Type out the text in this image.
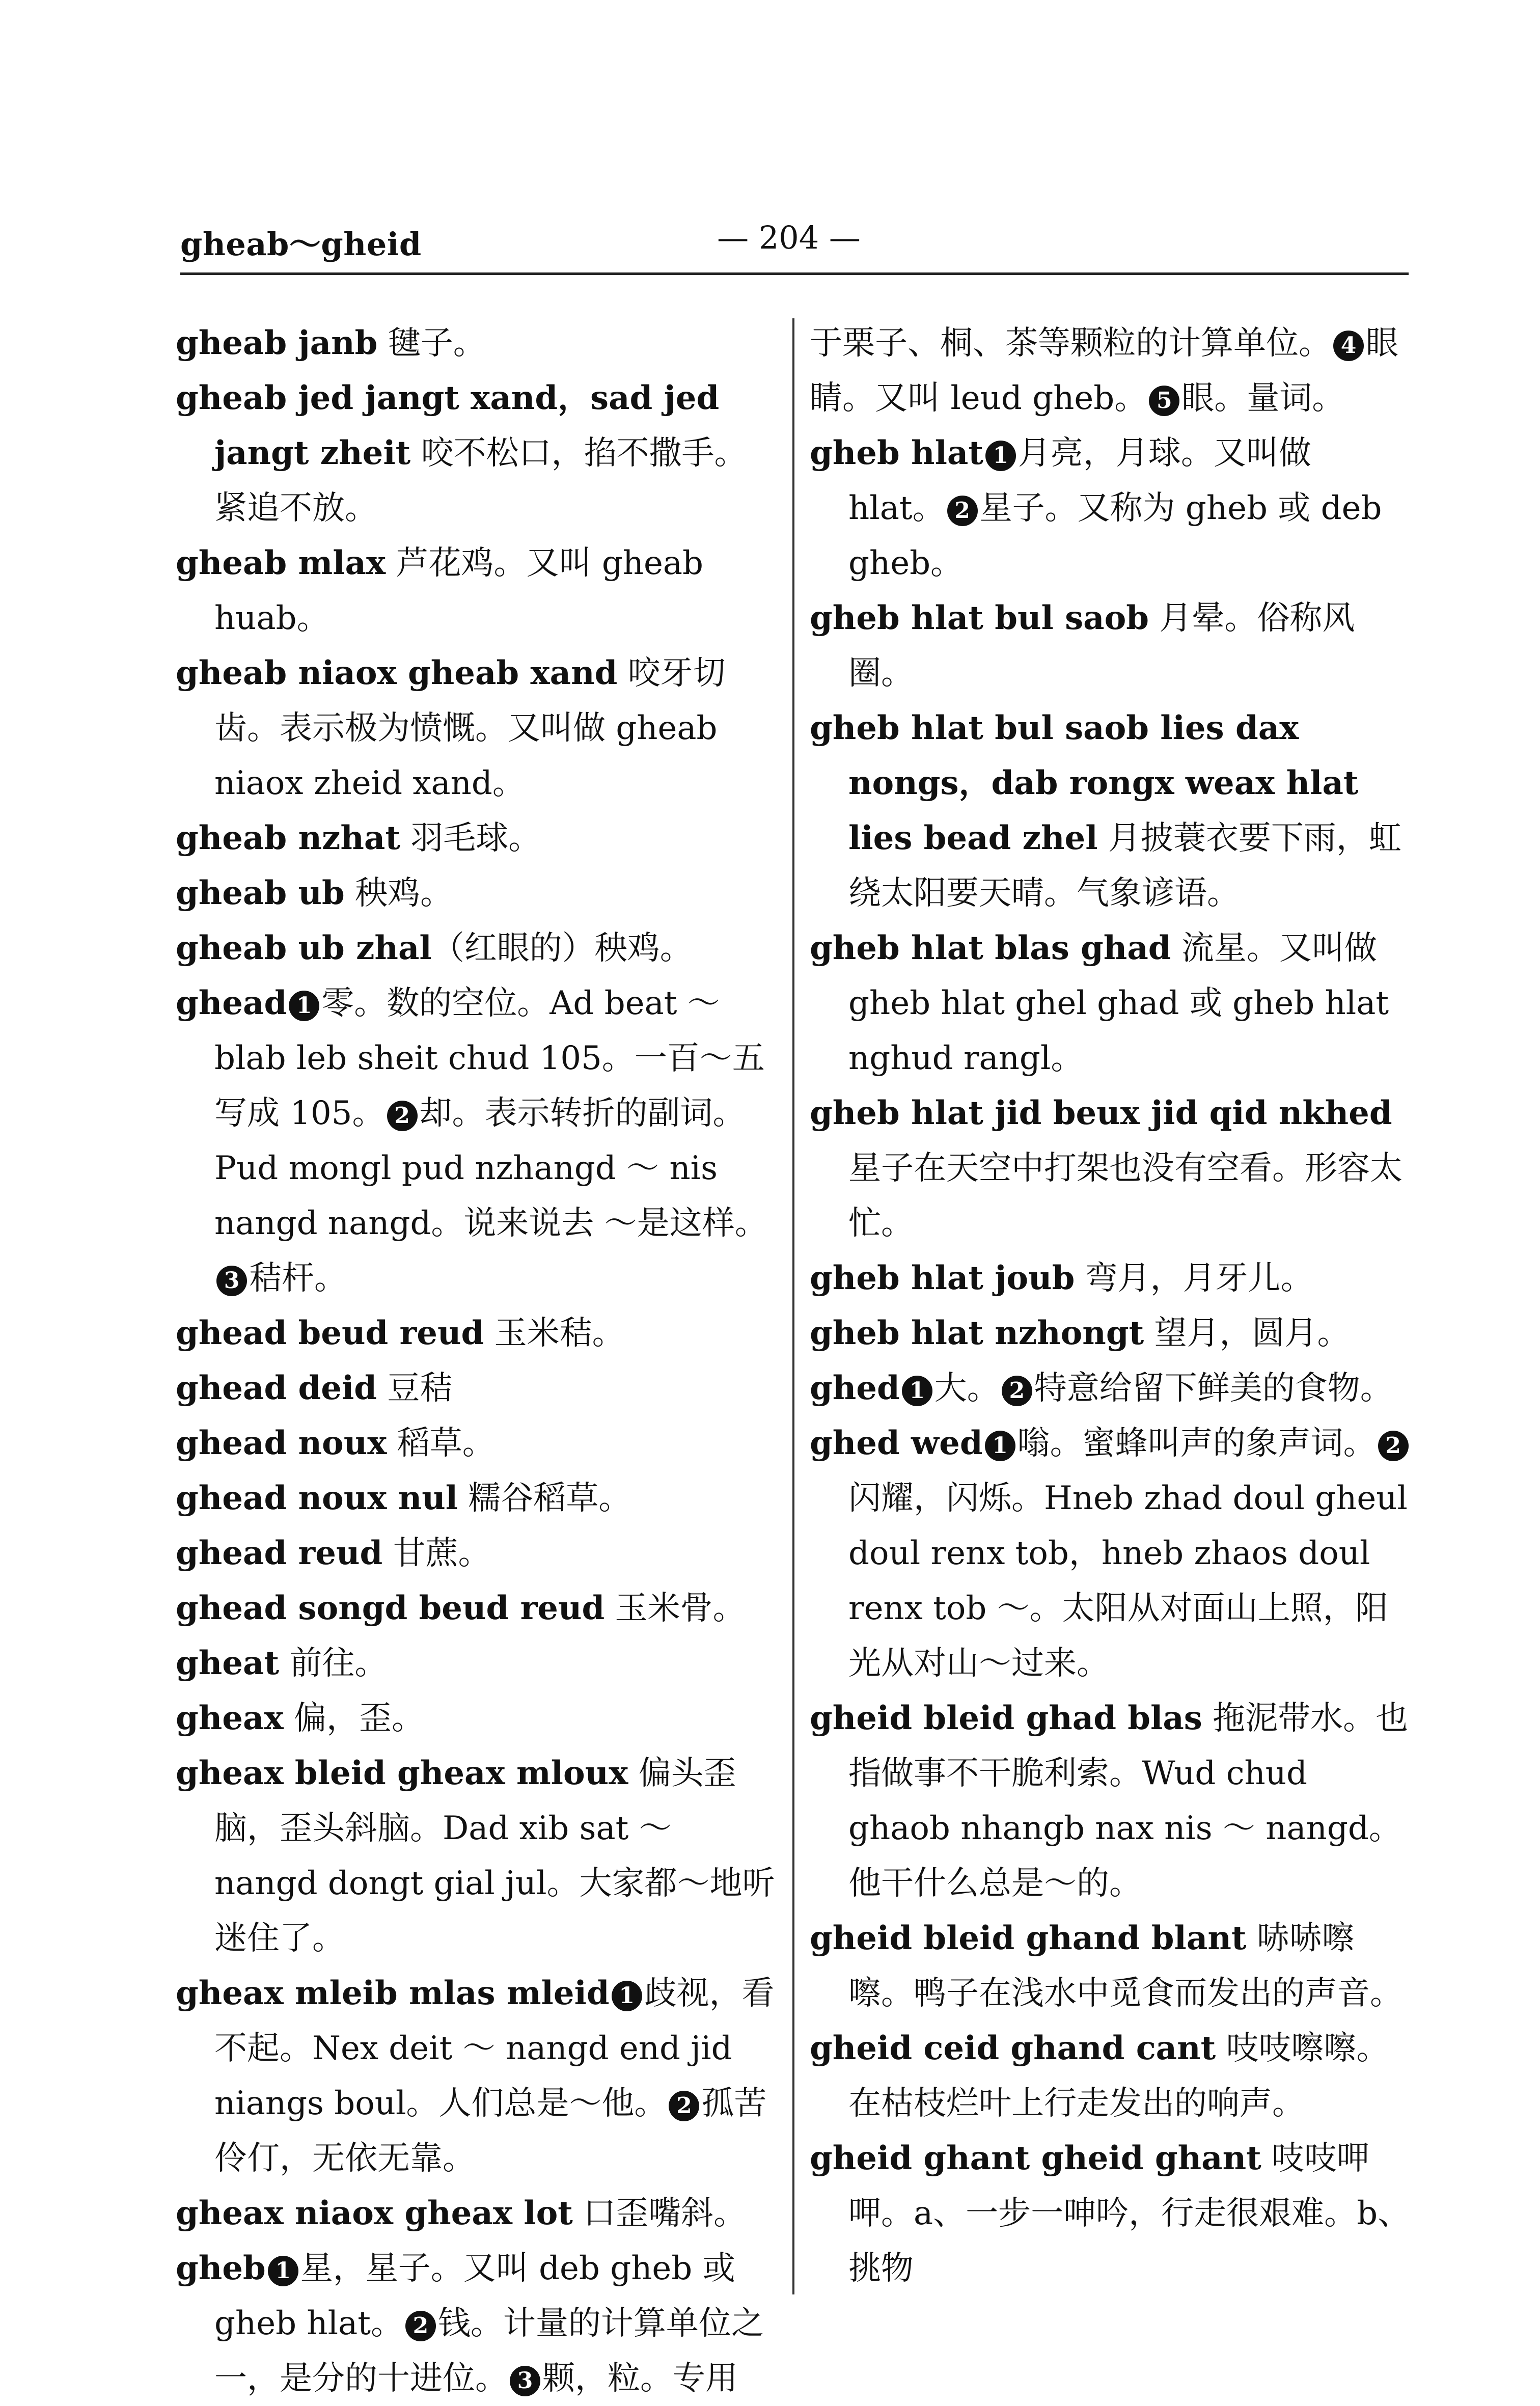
gheab～gheid	— 204 —

gheab janb 毽子。

gheab jed jangt xand，sad jed jangt zheit 咬不松口，掐不撒手。紧追不放。

gheab mlax 芦花鸡。又叫 gheab huab。

gheab niaox gheab xand 咬牙切齿。表示极为愤慨。又叫做 gheab niaox zheid xand。

gheab nzhat 羽毛球。

gheab ub 秧鸡。

gheab ub zhal（红眼的）秧鸡。

ghead 1 零。数的空位。Ad beat ～ blab leb sheit chud 105。一百～五写成 105。 2 却。表示转折的副词。Pud mongl pud nzhangd ～ nis nangd nangd。说来说去 ～是这样。3 秸杆。

ghead beud reud 玉米秸。

ghead deid 豆秸

ghead noux 稻草。

ghead noux nul 糯谷稻草。

ghead reud 甘蔗。

ghead songd beud reud 玉米骨。

gheat 前往。

gheax 偏，歪。

gheax bleid gheax mloux 偏头歪脑，歪头斜脑。Dad xib sat ～ nangd dongt gial jul。大家都～地听迷住了。

gheax mleib mlas mleid 1 歧视，看不起。Nex deit ～ nangd end jid niangs boul。人们总是～他。 2 孤苦伶仃，无依无靠。

gheax niaox gheax lot 口歪嘴斜。

gheb 1 星，星子。又叫 deb gheb 或 gheb hlat。 2 钱。计量的计算单位之一，是分的十进位。 3 颗，粒。专用

于栗子、桐、茶等颗粒的计算单位。 4 眼睛。又叫 leud gheb。 5 眼。量词。

gheb hlat 1 月亮，月球。又叫做 hlat。 2 星子。又称为 gheb 或 deb gheb。

gheb hlat bul saob 月晕。俗称风圈。

gheb hlat bul saob lies dax nongs，dab rongx weax hlat lies bead zhel 月披蓑衣要下雨，虹绕太阳要天晴。气象谚语。

gheb hlat blas ghad 流星。又叫做 gheb hlat ghel ghad 或 gheb hlat nghud rangl。

gheb hlat jid beux jid qid nkhed 星子在天空中打架也没有空看。形容太忙。

gheb hlat joub 弯月，月牙儿。

gheb hlat nzhongt 望月，圆月。

ghed 1 大。 2 特意给留下鲜美的食物。

ghed wed 1 嗡。蜜蜂叫声的象声词。 2闪耀，闪烁。Hneb zhad doul gheul doul renx tob，hneb zhaos doul renx tob ～。太阳从对面山上照，阳光从对山～过来。

gheid bleid ghad blas 拖泥带水。也指做事不干脆利索。Wud chud ghaob nhangb nax nis ～ nangd。他干什么总是～的。

gheid bleid ghand blant 哧哧嚓嚓。鸭子在浅水中觅食而发出的声音。

gheid ceid ghand cant 吱吱嚓嚓。在枯枝烂叶上行走发出的响声。

gheid ghant gheid ghant 吱吱呷呷。a、一步一呻吟，行走很艰难。b、挑物
